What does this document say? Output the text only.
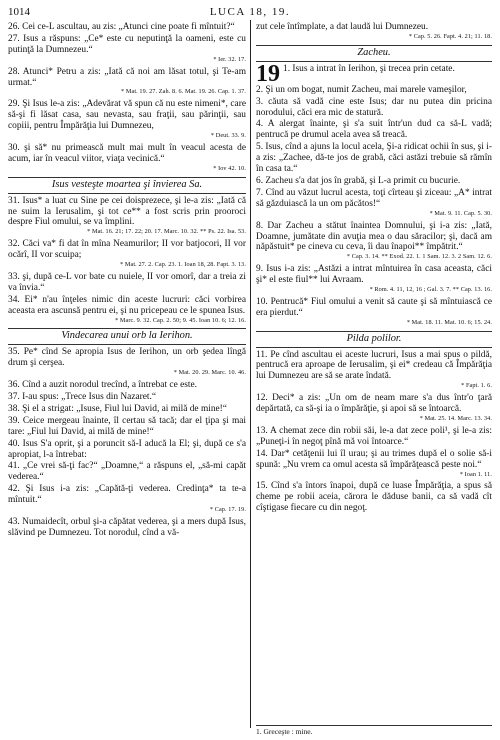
1014	LUCA 18, 19.
26. Cei ce-L ascultau, au zis: „Atunci cine poate fi mîntuit?“
27. Isus a răspuns: „Ce* este cu neputinţă la oameni, este cu putinţă la Dumnezeu.“
* Ier. 32. 17.
28. Atunci* Petru a zis: „Iată că noi am lăsat totul, şi Te-am urmat.“
* Mat. 19. 27. Zah. 8. 6. Mat. 19. 26. Cap. 1. 37.
29. Şi Isus le-a zis: „Adevărat vă spun că nu este nimeni*, care să-şi fi lăsat casa, sau nevasta, sau fraţii, sau părinţii, sau copiii, pentru Împărăţia lui Dumnezeu,
* Deut. 33. 9.
30. şi să* nu primească mult mai mult în veacul acesta de acum, iar în veacul viitor, viaţa vecinică.“
* Iov 42. 10.
Isus vesteşte moartea şi învierea Sa.
31. Isus* a luat cu Sine pe cei doisprezece, şi le-a zis: „Iată că ne suim la Ierusalim, şi tot ce** a fost scris prin prooroci despre Fiul omului, se va împlini.
* Mat. 16. 21; 17. 22; 20. 17. Marc. 10. 32. ** Ps. 22. Isa. 53.
32. Căci va* fi dat în mîna Neamurilor; II vor batjocori, II vor ocărî, II vor scuipa;
* Mat. 27. 2. Cap. 23. 1. Ioan 18, 28. Fapt. 3. 13.
33. şi, după ce-L vor bate cu nuiele, II vor omorî, dar a treia zi va învia.“
34. Ei* n'au înţeles nimic din aceste lucruri: căci vorbirea aceasta era ascunsă pentru ei, şi nu pricepeau ce le spunea Isus.
* Marc. 9. 32. Cap. 2. 50; 9. 45. Ioan 10. 6; 12. 16.
Vindecarea unui orb la Ierihon.
35. Pe* cînd Se apropia Isus de Ierihon, un orb şedea lîngă drum şi cerşea.
* Mat. 20. 29. Marc. 10. 46.
36. Cînd a auzit norodul trecînd, a întrebat ce este.
37. I-au spus: „Trece Isus din Nazaret.“
38. Şi el a strigat: „Isuse, Fiul lui David, ai milă de mine!“
39. Ceice mergeau înainte, îl certau să tacă; dar el ţipa şi mai tare: „Fiul lui David, ai milă de mine!“
40. Isus S'a oprit, şi a poruncit să-I aducă la El; şi, după ce s'a apropiat, l-a întrebat:
41. „Ce vrei să-ţi fac?“ „Doamne,“ a răspuns el, „să-mi capăt vederea.“
42. Şi Isus i-a zis: „Capătă-ţi vederea. Credinţa* ta te-a mîntuit.“
* Cap. 17. 19.
43. Numaidecît, orbul şi-a căpătat vederea, şi a mers după Isus, slăvind pe Dumnezeu. Tot norodul, cînd a vă-
zut cele întîmplate, a dat laudă lui Dumnezeu.
* Cap. 5. 26. Fapt. 4. 21; 11. 18.
Zacheu.
19 1. Isus a intrat în Ierihon, şi trecea prin cetate.
2. Şi un om bogat, numit Zacheu, mai marele vameşilor,
3. căuta să vadă cine este Isus; dar nu putea din pricina norodului, căci era mic de statură.
4. A alergat înainte, şi s'a suit într'un dud ca să-L vadă; pentrucă pe drumul acela avea să treacă.
5. Isus, cînd a ajuns la locul acela, Şi-a ridicat ochii în sus, şi i-a zis: „Zachee, dă-te jos de grabă, căci astăzi trebuie să rămîn în casa ta.“
6. Zacheu s'a dat jos în grabă, şi L-a primit cu bucurie.
7. Cînd au văzut lucrul acesta, toţi cîrteau şi ziceau: „A* intrat să găzduiască la un om păcătos!“
* Mat. 9. 11. Cap. 5. 30.
8. Dar Zacheu a stătut înaintea Domnului, şi i-a zis: „Iată, Doamne, jumătate din avuţia mea o dau săracilor; şi, dacă am năpăstuit* pe cineva cu ceva, îi dau înapoi** împătrit.“
* Cap. 3. 14. ** Exod. 22. 1. 1 Sam. 12. 3. 2 Sam. 12. 6.
9. Isus i-a zis: „Astăzi a intrat mîntuirea în casa aceasta, căci şi* el este fiul** lui Avraam.
* Rom. 4. 11, 12, 16 ; Gal. 3. 7. ** Cap. 13. 16.
10. Pentrucă* Fiul omului a venit să caute şi să mîntuiască ce era pierdut.“
* Mat. 18. 11. Mat. 10. 6; 15. 24.
Pilda polilor.
11. Pe cînd ascultau ei aceste lucruri, Isus a mai spus o pildă, pentrucă era aproape de Ierusalim, şi ei* credeau că Împărăţia lui Dumnezeu are să se arate îndată.
* Fapt. 1. 6.
12. Deci* a zis: „Un om de neam mare s'a dus într'o ţară depărtată, ca să-şi ia o împărăţie, şi apoi să se întoarcă.
* Mat. 25. 14. Marc. 13. 34.
13. A chemat zece din robii săi, le-a dat zece poli¹, şi le-a zis: „Puneţi-i în negoţ pînă mă voi întoarce.“
14. Dar* cetăţenii lui îl urau; şi au trimes după el o solie să-i spună: „Nu vrem ca omul acesta să împărăţească peste noi.“
* Ioan 1. 11.
15. Cînd s'a întors înapoi, după ce luase Împărăţia, a spus să cheme pe robii aceia, cărora le dăduse banii, ca să vadă cît cîştigase fiecare cu din negoţ.
1. Greceşte : mine.
